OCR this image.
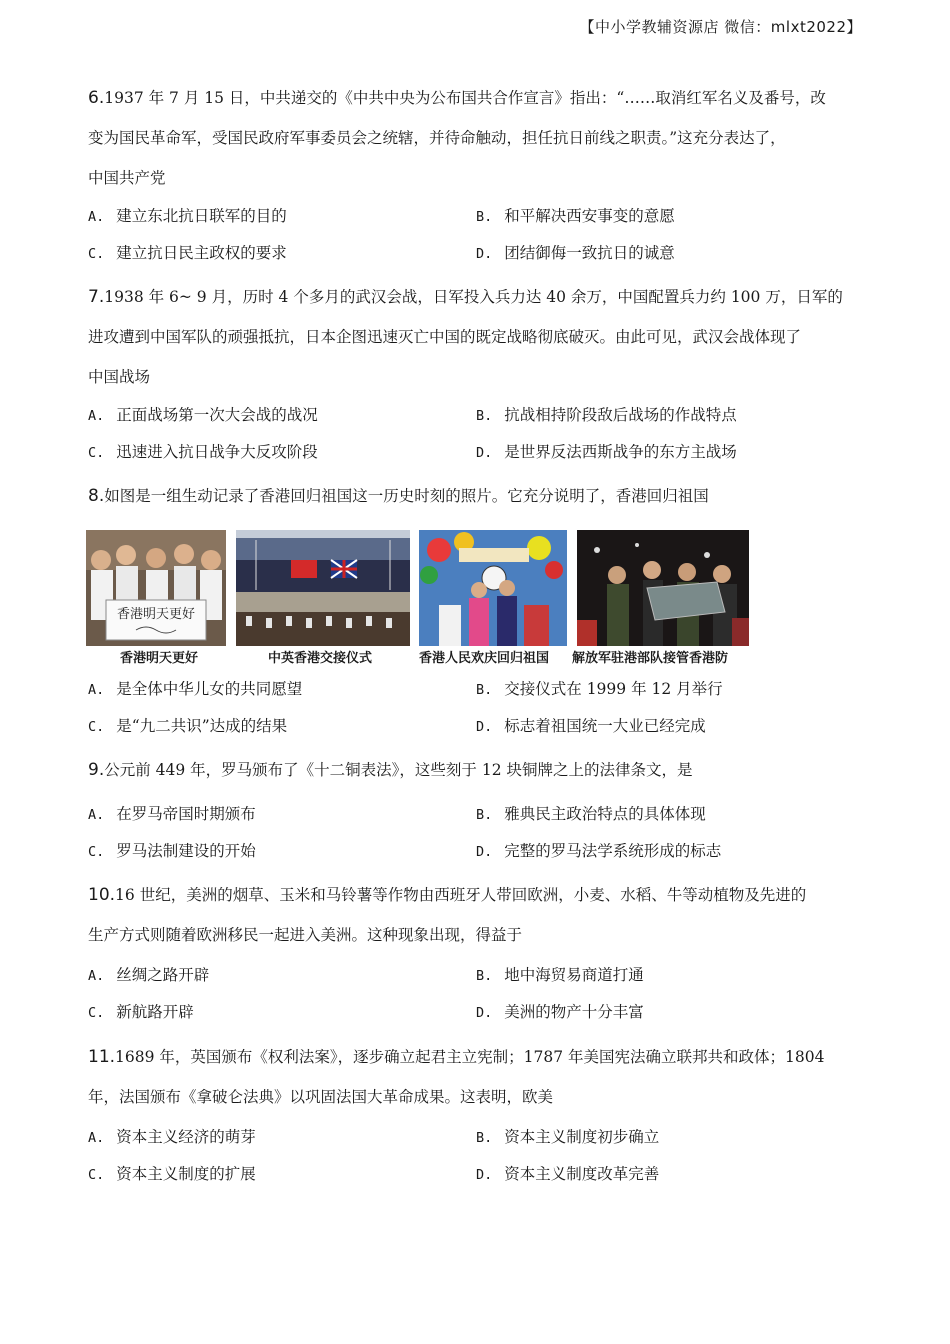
【中小学教辅资源店 微信：mlxt2022】
6.1937 年 7 月 15 日，中共递交的《中共中央为公布国共合作宣言》指出：“……取消红军名义及番号，改
变为国民革命军，受国民政府军事委员会之统辖，并待命触动，担任抗日前线之职责。”这充分表达了，
中国共产党
A. 建立东北抗日联军的目的	B. 和平解决西安事变的意愿
C. 建立抗日民主政权的要求	D. 团结御侮一致抗日的诚意
7.1938 年 6~ 9 月，历时 4 个多月的武汉会战，日军投入兵力达 40 余万，中国配置兵力约 100 万，日军的
进攻遭到中国军队的顽强抵抗，日本企图迅速灭亡中国的既定战略彻底破灭。由此可见，武汉会战体现了
中国战场
A. 正面战场第一次大会战的战况	B. 抗战相持阶段敌后战场的作战特点
C. 迅速进入抗日战争大反攻阶段	D. 是世界反法西斯战争的东方主战场
8.如图是一组生动记录了香港回归祖国这一历史时刻的照片。它充分说明了，香港回归祖国
香港明天更好
香港明天更好	中英香港交接仪式	香港人民欢庆回归祖国 解放军驻港部队接管香港防
A. 是全体中华儿女的共同愿望	B. 交接仪式在 1999 年 12 月举行
C. 是“九二共识”达成的结果	D. 标志着祖国统一大业已经完成
9.公元前 449 年，罗马颁布了《十二铜表法》，这些刻于 12 块铜牌之上的法律条文，是
A. 在罗马帝国时期颁布	B. 雅典民主政治特点的具体体现
C. 罗马法制建设的开始	D. 完整的罗马法学系统形成的标志
10.16 世纪，美洲的烟草、玉米和马铃薯等作物由西班牙人带回欧洲，小麦、水稻、牛等动植物及先进的
生产方式则随着欧洲移民一起进入美洲。这种现象出现，得益于
A. 丝绸之路开辟	B. 地中海贸易商道打通
C. 新航路开辟	D. 美洲的物产十分丰富
11.1689 年，英国颁布《权利法案》，逐步确立起君主立宪制；1787 年美国宪法确立联邦共和政体；1804
年，法国颁布《拿破仑法典》以巩固法国大革命成果。这表明，欧美
A. 资本主义经济的萌芽	B. 资本主义制度初步确立
C. 资本主义制度的扩展	D. 资本主义制度改革完善
